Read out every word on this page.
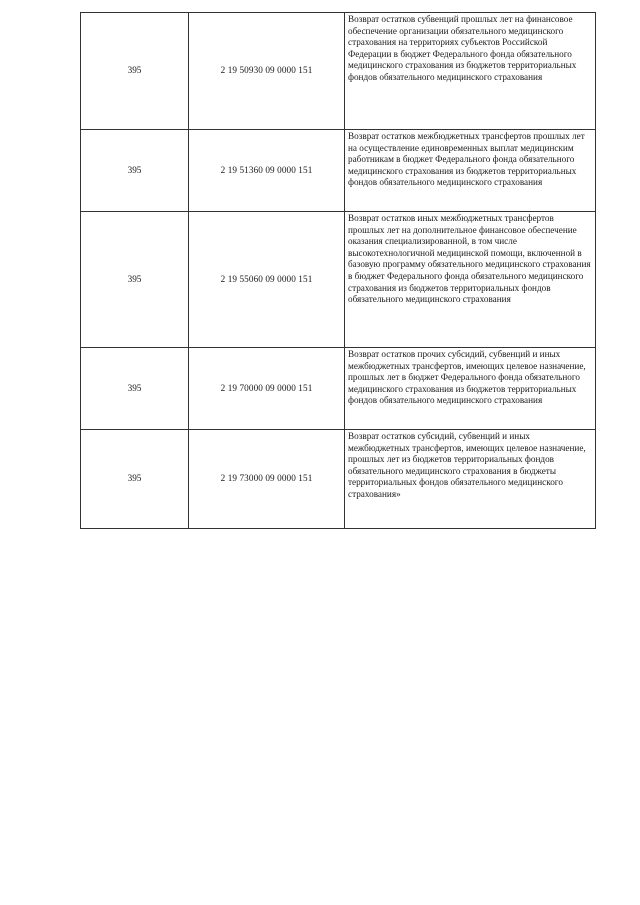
395	2 19 50930 09 0000 151	Возврат остатков субвенций прошлых лет на финансовое обеспечение организации обязательного медицинского страхования на территориях субъектов Российской Федерации в бюджет Федерального фонда обязательного медицинского страхования из бюджетов территориальных фондов обязательного медицинского страхования
395	2 19 51360 09 0000 151	Возврат остатков межбюджетных трансфертов прошлых лет на осуществление единовременных выплат медицинским работникам в бюджет Федерального фонда обязательного медицинского страхования из бюджетов территориальных фондов обязательного медицинского страхования
395	2 19 55060 09 0000 151	Возврат остатков иных межбюджетных трансфертов прошлых лет на дополнительное финансовое обеспечение оказания специализированной, в том числе высокотехнологичной медицинской помощи, включенной в базовую программу обязательного медицинского страхования в бюджет Федерального фонда обязательного медицинского страхования из бюджетов территориальных фондов обязательного медицинского страхования
395	2 19 70000 09 0000 151	Возврат остатков прочих субсидий, субвенций и иных межбюджетных трансфертов, имеющих целевое назначение, прошлых лет в бюджет Федерального фонда обязательного медицинского страхования из бюджетов территориальных фондов обязательного медицинского страхования
395	2 19 73000 09 0000 151	Возврат остатков субсидий, субвенций и иных межбюджетных трансфертов, имеющих целевое назначение, прошлых лет из бюджетов территориальных фондов обязательного медицинского страхования в бюджеты территориальных фондов обязательного медицинского страхования»
